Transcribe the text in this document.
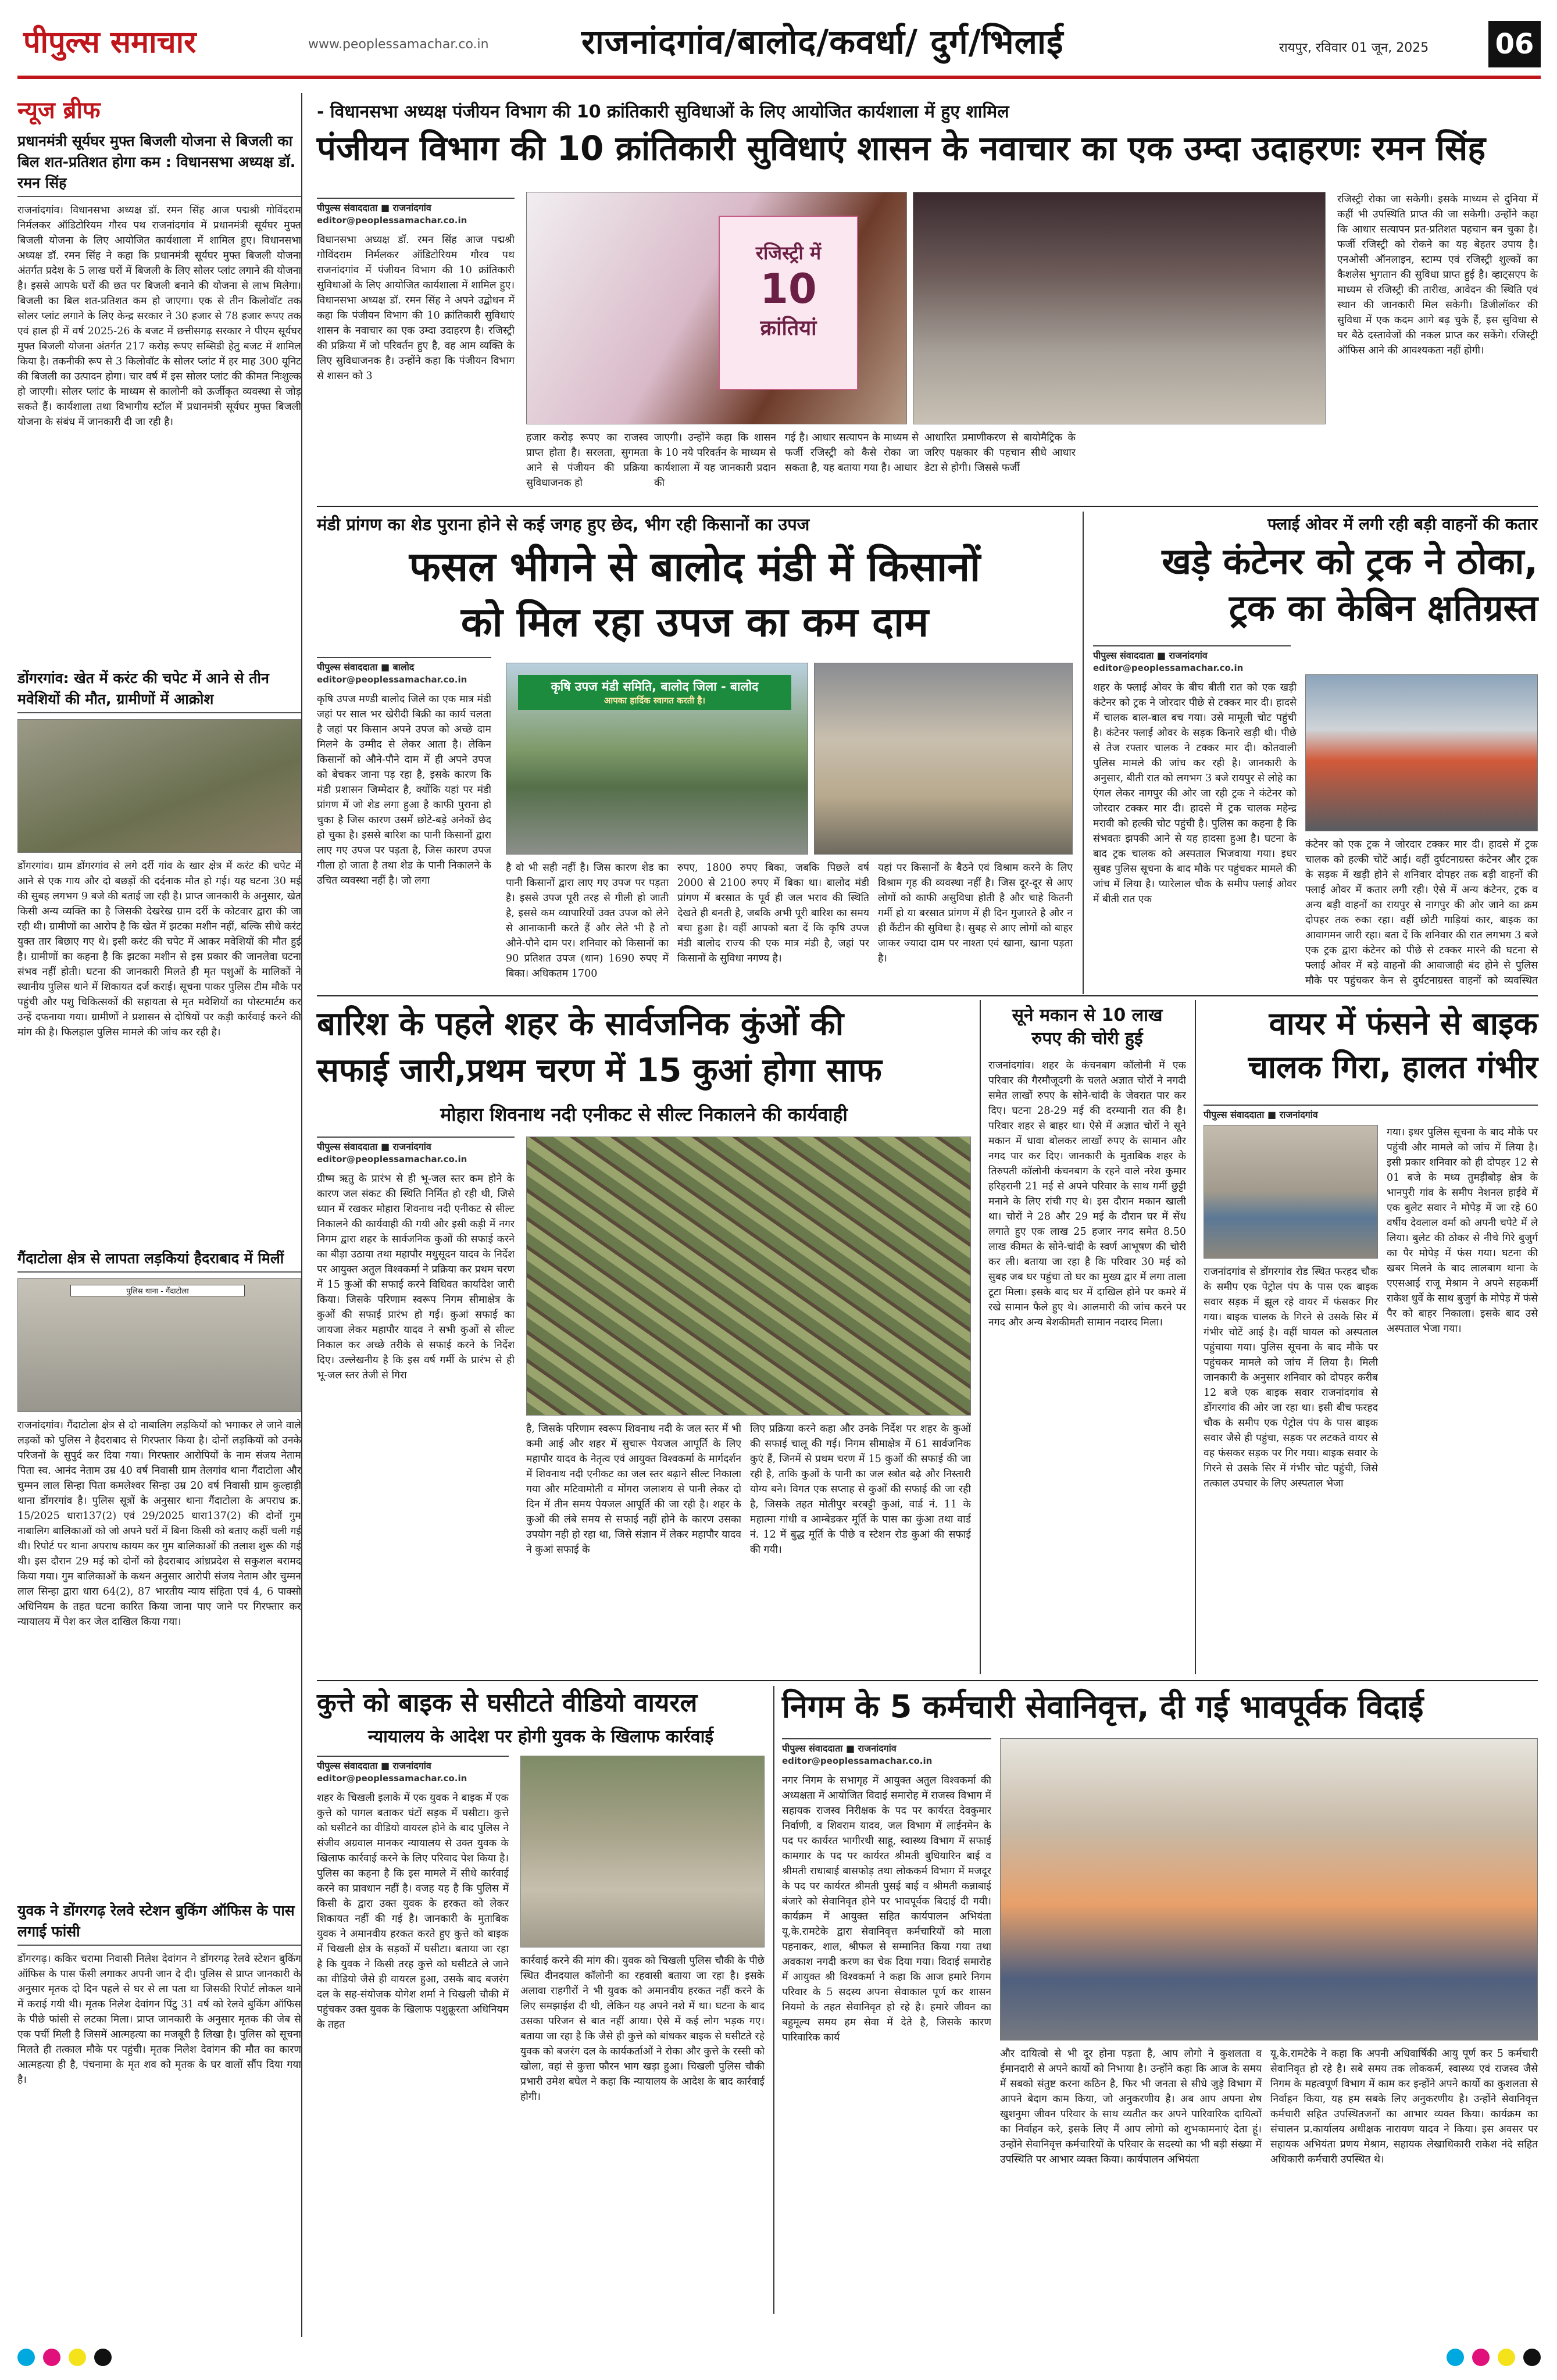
पीपुल्स समाचार	www.peoplessamachar.co.in	राजनांदगांव/बालोद/कवर्धा/ दुर्ग/भिलाई	रायपुर, रविवार 01 जून, 2025 06
न्यूज ब्रीफ
प्रधानमंत्री सूर्यघर मुफ्त बिजली योजना से बिजली का बिल शत-प्रतिशत होगा कम : विधानसभा अध्यक्ष डॉ. रमन सिंह
राजनांदगांव। विधानसभा अध्यक्ष डॉ. रमन सिंह आज पद्मश्री गोविंदराम निर्मलकर ऑडिटोरियम गौरव पथ राजनांदगांव में प्रधानमंत्री सूर्यघर मुफ्त बिजली योजना के लिए आयोजित कार्यशाला में शामिल हुए। विधानसभा अध्यक्ष डॉ. रमन सिंह ने कहा कि प्रधानमंत्री सूर्यघर मुफ्त बिजली योजना अंतर्गत प्रदेश के 5 लाख घरों में बिजली के लिए सोलर प्लांट लगाने की योजना है। इससे आपके घरों की छत पर बिजली बनाने की योजना से लाभ मिलेगा। बिजली का बिल शत-प्रतिशत कम हो जाएगा। एक से तीन किलोवॉट तक सोलर प्लांट लगाने के लिए केन्द्र सरकार ने 30 हजार से 78 हजार रूपए तक एवं हाल ही में वर्ष 2025-26 के बजट में छत्तीसगढ़ सरकार ने पीएम सूर्यघर मुफ्त बिजली योजना अंतर्गत 217 करोड़ रूपए सब्सिडी हेतु बजट में शामिल किया है। तकनीकी रूप से 3 किलोवॉट के सोलर प्लांट में हर माह 300 यूनिट की बिजली का उत्पादन होगा। चार वर्ष में इस सोलर प्लांट की कीमत निःशुल्क हो जाएगी। सोलर प्लांट के माध्यम से कालोनी को ऊर्जीकृत व्यवस्था से जोड़ सकते हैं। कार्यशाला तथा विभागीय स्टॉल में प्रधानमंत्री सूर्यघर मुफ्त बिजली योजना के संबंध में जानकारी दी जा रही है।
डोंगरगांव: खेत में करंट की चपेट में आने से तीन मवेशियों की मौत, ग्रामीणों में आक्रोश
डोंगरगांव। ग्राम डोंगरगांव से लगे दर्री गांव के खार क्षेत्र में करंट की चपेट में आने से एक गाय और दो बछड़ों की दर्दनाक मौत हो गई। यह घटना 30 मई की सुबह लगभग 9 बजे की बताई जा रही है। प्राप्त जानकारी के अनुसार, खेत किसी अन्य व्यक्ति का है जिसकी देखरेख ग्राम दर्री के कोटवार द्वारा की जा रही थी। ग्रामीणों का आरोप है कि खेत में झटका मशीन नहीं, बल्कि सीधे करंट युक्त तार बिछाए गए थे। इसी करंट की चपेट में आकर मवेशियों की मौत हुई है। ग्रामीणों का कहना है कि झटका मशीन से इस प्रकार की जानलेवा घटना संभव नहीं होती। घटना की जानकारी मिलते ही मृत पशुओं के मालिकों ने स्थानीय पुलिस थाने में शिकायत दर्ज कराई। सूचना पाकर पुलिस टीम मौके पर पहुंची और पशु चिकित्सकों की सहायता से मृत मवेशियों का पोस्टमार्टम कर उन्हें दफनाया गया। ग्रामीणों ने प्रशासन से दोषियों पर कड़ी कार्रवाई करने की मांग की है। फिलहाल पुलिस मामले की जांच कर रही है।
गैंदाटोला क्षेत्र से लापता लड़कियां हैदराबाद में मिलीं
पुलिस थाना - गैंदाटोला
राजनांदगांव। गैंदाटोला क्षेत्र से दो नाबालिग लड़कियों को भगाकर ले जाने वाले लड़कों को पुलिस ने हैदराबाद से गिरफ्तार किया है। दोनों लड़कियों को उनके परिजनों के सुपुर्द कर दिया गया। गिरफ्तार आरोपियों के नाम संजय नेताम पिता स्व. आनंद नेताम उम्र 40 वर्ष निवासी ग्राम तेलगांव थाना गैंदाटोला और चुम्मन लाल सिन्हा पिता कमलेश्वर सिन्हा उम्र 20 वर्ष निवासी ग्राम कुल्हाड़ी थाना डोंगरगांव है। पुलिस सूत्रों के अनुसार थाना गैंदाटोला के अपराध क्र. 15/2025 धारा137(2) एवं 29/2025 धारा137(2) की दोनों गुम नाबालिग बालिकाओं को जो अपने घरों में बिना किसी को बताए कहीं चली गई थी। रिपोर्ट पर थाना अपराध कायम कर गुम बालिकाओं की तलाश शुरू की गई थी। इस दौरान 29 मई को दोनों को हैदराबाद आंध्रप्रदेश से सकुशल बरामद किया गया। गुम बालिकाओं के कथन अनुसार आरोपी संजय नेताम और चुम्मन लाल सिन्हा द्वारा धारा 64(2), 87 भारतीय न्याय संहिता एवं 4, 6 पाक्सो अधिनियम के तहत घटना कारित किया जाना पाए जाने पर गिरफ्तार कर न्यायालय में पेश कर जेल दाखिल किया गया।
युवक ने डोंगरगढ़ रेलवे स्टेशन बुकिंग ऑफिस के पास लगाई फांसी
डोंगरगढ़। ककिर चरामा निवासी निलेश देवांगन ने डोंगरगढ़ रेलवे स्टेशन बुकिंग ऑफिस के पास फँसी लगाकर अपनी जान दे दी। पुलिस से प्राप्त जानकारी के अनुसार मृतक दो दिन पहले से घर से ला पता था जिसकी रिपोर्ट लोकल थाने में कराई गयी थी। मृतक निलेश देवांगन पिंटु 31 वर्ष को रेलवे बुकिंग ऑफिस के पीछे फांसी से लटका मिला। प्राप्त जानकारी के अनुसार मृतक की जेब से एक पर्ची मिली है जिसमें आत्महत्या का मजबूरी है लिखा है। पुलिस को सूचना मिलते ही तत्काल मौके पर पहुंची। मृतक निलेश देवांगन की मौत का कारण आत्महत्या ही है, पंचनामा के मृत शव को मृतक के घर वालों सौंप दिया गया है।
- विधानसभा अध्यक्ष पंजीयन विभाग की 10 क्रांतिकारी सुविधाओं के लिए आयोजित कार्यशाला में हुए शामिल
पंजीयन विभाग की 10 क्रांतिकारी सुविधाएं शासन के नवाचार का एक उम्दा उदाहरणः रमन सिंह
पीपुल्स संवाददाता ■ राजनांदगांव
editor@peoplessamachar.co.in
विधानसभा अध्यक्ष डॉ. रमन सिंह आज पद्मश्री गोविंदराम निर्मलकर ऑडिटोरियम गौरव पथ राजनांदगांव में पंजीयन विभाग की 10 क्रांतिकारी सुविधाओं के लिए आयोजित कार्यशाला में शामिल हुए। विधानसभा अध्यक्ष डॉ. रमन सिंह ने अपने उद्बोधन में कहा कि पंजीयन विभाग की 10 क्रांतिकारी सुविधाएं शासन के नवाचार का एक उम्दा उदाहरण है। रजिस्ट्री की प्रक्रिया में जो परिवर्तन हुए है, वह आम व्यक्ति के लिए सुविधाजनक है। उन्होंने कहा कि पंजीयन विभाग से शासन को 3
रजिस्ट्री में
10
क्रांतियां
हजार करोड़ रूपए का राजस्व प्राप्त होता है। सरलता, सुगमता आने से पंजीयन की प्रक्रिया सुविधाजनक हो
जाएगी। उन्होंने कहा कि शासन के 10 नये परिवर्तन के माध्यम से कार्यशाला में यह जानकारी प्रदान की
गई है। आधार सत्यापन के माध्यम से फर्जी रजिस्ट्री को कैसे रोका जा सकता है, यह बताया गया है। आधार
आधारित प्रमाणीकरण से बायोमैट्रिक के जरिए पक्षकार की पहचान सीधे आधार डेटा से होगी। जिससे फर्जी
रजिस्ट्री रोका जा सकेगी। इसके माध्यम से दुनिया में कहीं भी उपस्थिति प्राप्त की जा सकेगी। उन्होंने कहा कि आधार सत्यापन प्रत-प्रतिशत पहचान बन चुका है। फर्जी रजिस्ट्री को रोकने का यह बेहतर उपाय है। एनओसी ऑनलाइन, स्टाम्प एवं रजिस्ट्री शुल्कों का कैशलेस भुगतान की सुविधा प्राप्त हुई है। व्हाट्सएप के माध्यम से रजिस्ट्री की तारीख, आवेदन की स्थिति एवं स्थान की जानकारी मिल सकेगी। डिजीलॉकर की सुविधा में एक कदम आगे बढ़ चुके हैं, इस सुविधा से घर बैठे दस्तावेजों की नकल प्राप्त कर सकेंगे। रजिस्ट्री ऑफिस आने की आवश्यकता नहीं होगी।
मंडी प्रांगण का शेड पुराना होने से कई जगह हुए छेद, भीग रही किसानों का उपज
फसल भीगने से बालोद मंडी में किसानों
को मिल रहा उपज का कम दाम
पीपुल्स संवाददाता ■ बालोद
editor@peoplessamachar.co.in
कृषि उपज मण्डी बालोद जिले का एक मात्र मंडी जहां पर साल भर खेरीदी बिक्री का कार्य चलता है जहां पर किसान अपने उपज को अच्छे दाम मिलने के उम्मीद से लेकर आता है। लेकिन किसानों को औने-पौने दाम में ही अपने उपज को बेचकर जाना पड़ रहा है, इसके कारण कि मंडी प्रशासन जिम्मेदार है, क्योंकि यहां पर मंडी प्रांगण में जो शेड लगा हुआ है काफी पुराना हो चुका है जिस कारण उसमें छोटे-बड़े अनेकों छेद हो चुका है। इससे बारिश का पानी किसानों द्वारा लाए गए उपज पर पड़ता है, जिस कारण उपज गीला हो जाता है तथा शेड के पानी निकालने के उचित व्यवस्था नहीं है। जो लगा
कृषि उपज मंडी समिति, बालोद जिला - बालोद
आपका हार्दिक स्वागत करती है।
है वो भी सही नहीं है। जिस कारण शेड का पानी किसानों द्वारा लाए गए उपज पर पड़ता है। इससे उपज पूरी तरह से गीली हो जाती है, इससे कम व्यापारियों उक्त उपज को लेने से आनाकानी करते हैं और लेते भी है तो औने-पौने दाम पर। शनिवार को किसानों का 90 प्रतिशत उपज (धान) 1690 रुपए में बिका। अधिकतम 1700
रुपए, 1800 रुपए बिका, जबकि पिछले वर्ष 2000 से 2100 रुपए में बिका था। बालोद मंडी प्रांगण में बरसात के पूर्व ही जल भराव की स्थिति देखते ही बनती है, जबकि अभी पूरी बारिश का समय बचा हुआ है। वहीं आपको बता दें कि कृषि उपज मंडी बालोद राज्य की एक मात्र मंडी है, जहां पर किसानों के सुविधा नगण्य है।
यहां पर किसानों के बैठने एवं विश्राम करने के लिए विश्राम गृह की व्यवस्था नहीं है। जिस दूर-दूर से आए लोगों को काफी असुविधा होती है और चाहे कितनी गर्मी हो या बरसात प्रांगण में ही दिन गुजारते है और न ही कैंटीन की सुविधा है। सुबह से आए लोगों को बाहर जाकर ज्यादा दाम पर नाश्ता एवं खाना, खाना पड़ता है।
फ्लाई ओवर में लगी रही बड़ी वाहनों की कतार
खड़े कंटेनर को ट्रक ने ठोका,
ट्रक का केबिन क्षतिग्रस्त
पीपुल्स संवाददाता ■ राजनांदगांव
editor@peoplessamachar.co.in
शहर के फ्लाई ओवर के बीच बीती रात को एक खड़ी कंटेनर को ट्रक ने जोरदार पीछे से टक्कर मार दी। हादसे में चालक बाल-बाल बच गया। उसे मामूली चोट पहुंची है। कंटेनर फ्लाई ओवर के सड़क किनारे खड़ी थी। पीछे से तेज रफ्तार चालक ने टक्कर मार दी। कोतवाली पुलिस मामले की जांच कर रही है। जानकारी के अनुसार, बीती रात को लगभग 3 बजे रायपुर से लोहे का एंगल लेकर नागपुर की ओर जा रही ट्रक ने कंटेनर को जोरदार टक्कर मार दी। हादसे में ट्रक चालक महेन्द्र मरावी को हल्की चोट पहुंची है। पुलिस का कहना है कि संभवतः झपकी आने से यह हादसा हुआ है। घटना के बाद ट्रक चालक को अस्पताल भिजवाया गया। इधर सुबह पुलिस सूचना के बाद मौके पर पहुंचकर मामले की जांच में लिया है। प्यारेलाल चौक के समीप फ्लाई ओवर में बीती रात एक
कंटेनर को एक ट्रक ने जोरदार टक्कर मार दी। हादसे में ट्रक चालक को हल्की चोटें आई। वहीं दुर्घटनाग्रस्त कंटेनर और ट्रक के सड़क में खड़ी होने से शनिवार दोपहर तक बड़ी वाहनों की फ्लाई ओवर में कतार लगी रही। ऐसे में अन्य कंटेनर, ट्रक व अन्य बड़ी वाहनों का रायपुर से नागपुर की ओर जाने का क्रम दोपहर तक रुका रहा। वहीं छोटी गाड़ियां कार, बाइक का आवागमन जारी रहा। बता दें कि शनिवार की रात लगभग 3 बजे एक ट्रक द्वारा कंटेनर को पीछे से टक्कर मारने की घटना से फ्लाई ओवर में बड़े वाहनों की आवाजाही बंद होने से पुलिस मौके पर पहुंचकर केन से दुर्घटनाग्रस्त वाहनों को व्यवस्थित
बारिश के पहले शहर के सार्वजनिक कुंओं की
सफाई जारी,प्रथम चरण में 15 कुआं होगा साफ
मोहारा शिवनाथ नदी एनीकट से सील्ट निकालने की कार्यवाही
पीपुल्स संवाददाता ■ राजनांदगांव
editor@peoplessamachar.co.in
ग्रीष्म ऋतु के प्रारंभ से ही भू-जल स्तर कम होने के कारण जल संकट की स्थिति निर्मित हो रही थी, जिसे ध्यान में रखकर मोहारा शिवनाथ नदी एनीकट से सील्ट निकालने की कार्यवाही की गयी और इसी कड़ी में नगर निगम द्वारा शहर के सार्वजनिक कुओं की सफाई करने का बीड़ा उठाया तथा महापौर मधुसूदन यादव के निर्देश पर आयुक्त अतुल विश्वकर्मा ने प्रक्रिया कर प्रथम चरण में 15 कुओं की सफाई करने विधिवत कार्यादेश जारी किया। जिसके परिणाम स्वरूप निगम सीमाक्षेत्र के कुओं की सफाई प्रारंभ हो गई। कुआं सफाई का जायजा लेकर महापौर यादव ने सभी कुओं से सील्ट निकाल कर अच्छे तरीके से सफाई करने के निर्देश दिए। उल्लेखनीय है कि इस वर्ष गर्मी के प्रारंभ से ही भू-जल स्तर तेजी से गिरा
है, जिसके परिणाम स्वरूप शिवनाथ नदी के जल स्तर में भी कमी आई और शहर में सुचारू पेयजल आपूर्ति के लिए महापौर यादव के नेतृत्व एवं आयुक्त विश्वकर्मा के मार्गदर्शन में शिवनाथ नदी एनीकट का जल स्तर बढ़ाने सील्ट निकाला गया और मटिवामोती व मोंगरा जलाशय से पानी लेकर दो दिन में तीन समय पेयजल आपूर्ति की जा रही है। शहर के कुओं की लंबे समय से सफाई नहीं होने के कारण उसका उपयोग नही हो रहा था, जिसे संज्ञान में लेकर महापौर यादव ने कुआं सफाई के
लिए प्रक्रिया करने कहा और उनके निर्देश पर शहर के कुओं की सफाई चालू की गई। निगम सीमाक्षेत्र में 61 सार्वजनिक कुएं हैं, जिनमें से प्रथम चरण में 15 कुओं की सफाई की जा रही है, ताकि कुओं के पानी का जल स्त्रोत बढ़े और निस्तारी योग्य बने। विगत एक सप्ताह से कुओं की सफाई की जा रही है, जिसके तहत मोतीपुर बरबट्टी कुआं, वार्ड नं. 11 के महात्मा गांधी व आम्बेडकर मूर्ति के पास का कुंआ तथा वार्ड नं. 12 में बुद्ध मूर्ति के पीछे व स्टेशन रोड कुआं की सफाई की गयी।
सूने मकान से 10 लाख
रुपए की चोरी हुई
राजनांदगांव। शहर के कंचनबाग कॉलोनी में एक परिवार की गैरमौजूदगी के चलते अज्ञात चोरों ने नगदी समेत लाखों रुपए के सोने-चांदी के जेवरात पार कर दिए। घटना 28-29 मई की दरम्यानी रात की है। परिवार शहर से बाहर था। ऐसे में अज्ञात चोरों ने सूने मकान में धावा बोलकर लाखों रुपए के सामान और नगद पार कर दिए। जानकारी के मुताबिक शहर के तिरुपती कॉलोनी कंचनबाग के रहने वाले नरेश कुमार हरिहरानी 21 मई से अपने परिवार के साथ गर्मी छुट्टी मनाने के लिए रांची गए थे। इस दौरान मकान खाली था। चोरों ने 28 और 29 मई के दौरान घर में सेंध लगाते हुए एक लाख 25 हजार नगद समेत 8.50 लाख कीमत के सोने-चांदी के स्वर्ण आभूषण की चोरी कर ली। बताया जा रहा है कि परिवार 30 मई को सुबह जब घर पहुंचा तो घर का मुख्य द्वार में लगा ताला टूटा मिला। इसके बाद घर में दाखिल होने पर कमरे में रखे सामान फैले हुए थे। आलमारी की जांच करने पर नगद और अन्य बेशकीमती सामान नदारद मिला।
वायर में फंसने से बाइक
चालक गिरा, हालत गंभीर
पीपुल्स संवाददाता ■ राजनांदगांव
राजनांदगांव से डोंगरगांव रोड स्थित फरहद चौक के समीप एक पेट्रोल पंप के पास एक बाइक सवार सड़क में झूल रहे वायर में फंसकर गिर गया। बाइक चालक के गिरने से उसके सिर में गंभीर चोटें आई है। वहीं घायल को अस्पताल पहुंचाया गया। पुलिस सूचना के बाद मौके पर पहुंचकर मामले को जांच में लिया है। मिली जानकारी के अनुसार शनिवार को दोपहर करीब 12 बजे एक बाइक सवार राजनांदगांव से डोंगरगांव की ओर जा रहा था। इसी बीच फरहद चौक के समीप एक पेट्रोल पंप के पास बाइक सवार जैसे ही पहुंचा, सड़क पर लटकते वायर से वह फंसकर सड़क पर गिर गया। बाइक सवार के गिरने से उसके सिर में गंभीर चोट पहुंची, जिसे तत्काल उपचार के लिए अस्पताल भेजा
गया। इधर पुलिस सूचना के बाद मौके पर पहुंची और मामले को जांच में लिया है। इसी प्रकार शनिवार को ही दोपहर 12 से 01 बजे के मध्य तुमड़ीबोड़ क्षेत्र के भानपुरी गांव के समीप नेशनल हाईवे में एक बुलेट सवार ने मोपेड़ में जा रहे 60 वर्षीय देवलाल वर्मा को अपनी चपेटे में ले लिया। बुलेट की ठोकर से नीचे गिरे बुजुर्ग का पैर मोपेड़ में फंस गया। घटना की खबर मिलने के बाद लालबाग थाना के एएसआई राजू मेश्राम ने अपने सहकर्मी राकेश धुर्वे के साथ बुजुर्ग के मोपेड़ में फंसे पैर को बाहर निकाला। इसके बाद उसे अस्पताल भेजा गया।
कुत्ते को बाइक से घसीटते वीडियो वायरल
न्यायालय के आदेश पर होगी युवक के खिलाफ कार्रवाई
पीपुल्स संवाददाता ■ राजनांदगांव
editor@peoplessamachar.co.in
शहर के चिखली इलाके में एक युवक ने बाइक में एक कुत्ते को पागल बताकर घंटों सड़क में घसीटा। कुत्ते को घसीटने का वीडियो वायरल होने के बाद पुलिस ने संजीव अग्रवाल मानकर न्यायालय से उक्त युवक के खिलाफ कार्रवाई करने के लिए परिवाद पेश किया है। पुलिस का कहना है कि इस मामले में सीधे कार्रवाई करने का प्रावधान नहीं है। वजह यह है कि पुलिस में किसी के द्वारा उक्त युवक के हरकत को लेकर शिकायत नहीं की गई है। जानकारी के मुताबिक युवक ने अमानवीय हरकत करते हुए कुत्ते को बाइक में चिखली क्षेत्र के सड़कों में घसीटा। बताया जा रहा है कि युवक ने किसी तरह कुत्ते को घसीटते ले जाने का वीडियो जैसे ही वायरल हुआ, उसके बाद बजरंग दल के सह-संयोजक योगेश शर्मा ने चिखली चौकी में पहुंचकर उक्त युवक के खिलाफ पशुक्रूरता अधिनियम के तहत
कार्रवाई करने की मांग की। युवक को चिखली पुलिस चौकी के पीछे स्थित दीनदयाल कॉलोनी का रहवासी बताया जा रहा है। इसके अलावा राहगीरों ने भी युवक को अमानवीय हरकत नहीं करने के लिए समझाईश दी थी, लेकिन यह अपने नशे में था। घटना के बाद उसका परिजन से बात नहीं आया। ऐसे में कई लोग भड़क गए। बताया जा रहा है कि जैसे ही कुत्ते को बांधकर बाइक से घसीटते रहे युवक को बजरंग दल के कार्यकर्ताओं ने रोका और कुत्ते के रस्सी को खोला, वहां से कुत्ता फौरन भाग खड़ा हुआ। चिखली पुलिस चौकी प्रभारी उमेश बघेल ने कहा कि न्यायालय के आदेश के बाद कार्रवाई होगी।
निगम के 5 कर्मचारी सेवानिवृत्त, दी गई भावपूर्वक विदाई
पीपुल्स संवाददाता ■ राजनांदगांव
editor@peoplessamachar.co.in
नगर निगम के सभागृह में आयुक्त अतुल विश्वकर्मा की अध्यक्षता में आयोजित विदाई समारोह में राजस्व विभाग में सहायक राजस्व निरीक्षक के पद पर कार्यरत देवकुमार निर्वाणी, व शिवराम यादव, जल विभाग में लाईनमेन के पद पर कार्यरत भागीरथी साहू, स्वास्थ्य विभाग में सफाई कामगार के पद पर कार्यरत श्रीमती बुधियारिन बाई व श्रीमती राधाबाई बासफोड़ तथा लोककर्म विभाग में मजदूर के पद पर कार्यरत श्रीमती पुसई बाई व श्रीमती कन्नाबाई बंजारे को सेवानिवृत होने पर भावपूर्वक बिदाई दी गयी। कार्यक्रम में आयुक्त सहित कार्यपालन अभियंता यू.के.रामटेके द्वारा सेवानिवृत्त कर्मचारियों को माला पहनाकर, शाल, श्रीफल से सम्मानित किया गया तथा अवकाश नगदी करण का चेक दिया गया। विदाई समारोह में आयुक्त श्री विश्वकर्मा ने कहा कि आज हमारे निगम परिवार के 5 सदस्य अपना सेवाकाल पूर्ण कर शासन नियमो के तहत सेवानिवृत हो रहे है। हमारे जीवन का बहुमूल्य समय हम सेवा में देते है, जिसके कारण पारिवारिक कार्य
और दायित्वो से भी दूर होना पड़ता है, आप लोगो ने कुशलता व ईमानदारी से अपने कार्यो को निभाया है। उन्होंने कहा कि आज के समय में सबको संतुष्ट करना कठिन है, फिर भी जनता से सीधे जुड़े विभाग में आपने बेदाग काम किया, जो अनुकरणीय है। अब आप अपना शेष खुशनुमा जीवन परिवार के साथ व्यतीत कर अपने पारिवारिक दायित्वों का निर्वाहन करे, इसके लिए मैं आप लोगो को शुभकामनाएं देता हूं। उन्होंने सेवानिवृत्त कर्मचारियों के परिवार के सदस्यो का भी बड़ी संख्या में उपस्थिति पर आभार व्यक्त किया। कार्यपालन अभियंता
यू.के.रामटेके ने कहा कि अपनी अधिवार्षिकी आयु पूर्ण कर 5 कर्मचारी सेवानिवृत हो रहे है। सबे समय तक लोककर्म, स्वास्थ्य एवं राजस्व जैसे निगम के महत्वपूर्ण विभाग में काम कर इन्होंने अपने कार्यो का कुशलता से निर्वाहन किया, यह हम सबके लिए अनुकरणीय है। उन्होंने सेवानिवृत्त कर्मचारी सहित उपस्थितजनों का आभार व्यक्त किया। कार्यक्रम का संचालन प्र.कार्यालय अधीक्षक नारायण यादव ने किया। इस अवसर पर सहायक अभियंता प्रणय मेश्राम, सहायक लेखाधिकारी राकेश नंदे सहित अधिकारी कर्मचारी उपस्थित थे।
